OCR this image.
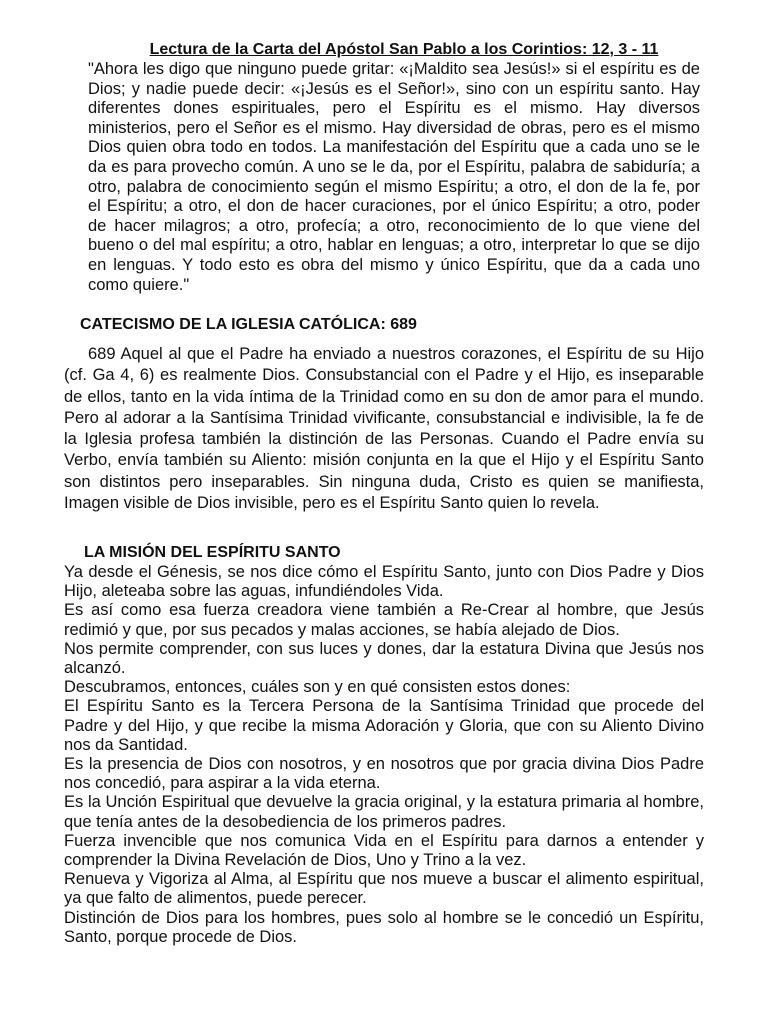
Lectura de la Carta del Apóstol San Pablo a los Corintios: 12, 3 - 11

"Ahora les digo que ninguno puede gritar: «¡Maldito sea Jesús!» si el espíritu es de Dios; y nadie puede decir: «¡Jesús es el Señor!», sino con un espíritu santo. Hay diferentes dones espirituales, pero el Espíritu es el mismo. Hay diversos ministerios, pero el Señor es el mismo. Hay diversidad de obras, pero es el mismo Dios quien obra todo en todos. La manifestación del Espíritu que a cada uno se le da es para provecho común. A uno se le da, por el Espíritu, palabra de sabiduría; a otro, palabra de conocimiento según el mismo Espíritu; a otro, el don de la fe, por el Espíritu; a otro, el don de hacer curaciones, por el único Espíritu; a otro, poder de hacer milagros; a otro, profecía; a otro, reconocimiento de lo que viene del bueno o del mal espíritu; a otro, hablar en lenguas; a otro, interpretar lo que se dijo en lenguas. Y todo esto es obra del mismo y único Espíritu, que da a cada uno como quiere."

CATECISMO DE LA IGLESIA CATÓLICA: 689

689 Aquel al que el Padre ha enviado a nuestros corazones, el Espíritu de su Hijo (cf. Ga 4, 6) es realmente Dios. Consubstancial con el Padre y el Hijo, es inseparable de ellos, tanto en la vida íntima de la Trinidad como en su don de amor para el mundo. Pero al adorar a la Santísima Trinidad vivificante, consubstancial e indivisible, la fe de la Iglesia profesa también la distinción de las Personas. Cuando el Padre envía su Verbo, envía también su Aliento: misión conjunta en la que el Hijo y el Espíritu Santo son distintos pero inseparables. Sin ninguna duda, Cristo es quien se manifiesta, Imagen visible de Dios invisible, pero es el Espíritu Santo quien lo revela.

LA MISIÓN DEL ESPÍRITU SANTO

Ya desde el Génesis, se nos dice cómo el Espíritu Santo, junto con Dios Padre y Dios Hijo, aleteaba sobre las aguas, infundiéndoles Vida.

Es así como esa fuerza creadora viene también a Re-Crear al hombre, que Jesús redimió y que, por sus pecados y malas acciones, se había alejado de Dios.

Nos permite comprender, con sus luces y dones, dar la estatura Divina que Jesús nos alcanzó.

Descubramos, entonces, cuáles son y en qué consisten estos dones:

El Espíritu Santo es la Tercera Persona de la Santísima Trinidad que procede del Padre y del Hijo, y que recibe la misma Adoración y Gloria, que con su Aliento Divino nos da Santidad.

Es la presencia de Dios con nosotros, y en nosotros que por gracia divina Dios Padre nos concedió, para aspirar a la vida eterna.

Es la Unción Espiritual que devuelve la gracia original, y la estatura primaria al hombre, que tenía antes de la desobediencia de los primeros padres.

Fuerza invencible que nos comunica Vida en el Espíritu para darnos a entender y comprender la Divina Revelación de Dios, Uno y Trino a la vez.

Renueva y Vigoriza al Alma, al Espíritu que nos mueve a buscar el alimento espiritual, ya que falto de alimentos, puede perecer.

Distinción de Dios para los hombres, pues solo al hombre se le concedió un Espíritu, Santo, porque procede de Dios.
